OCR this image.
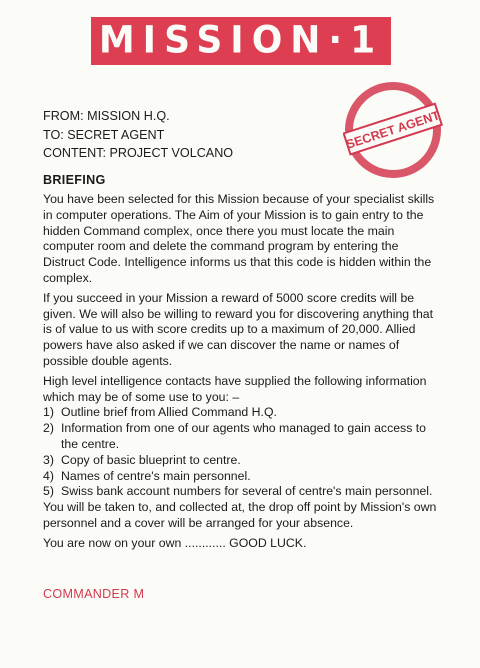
MISSION·1
FROM: MISSION H.Q.
TO: SECRET AGENT
CONTENT: PROJECT VOLCANO
SECRET AGENT
BRIEFING

You have been selected for this Mission because of your specialist skills in computer operations. The Aim of your Mission is to gain entry to the hidden Command complex, once there you must locate the main computer room and delete the command program by entering the Distruct Code. Intelligence informs us that this code is hidden within the complex.

If you succeed in your Mission a reward of 5000 score credits will be given. We will also be willing to reward you for discovering anything that is of value to us with score credits up to a maximum of 20,000. Allied powers have also asked if we can discover the name or names of possible double agents.

High level intelligence contacts have supplied the following information which may be of some use to you: –

1) Outline brief from Allied Command H.Q.
2) Information from one of our agents who managed to gain access to the centre.
3) Copy of basic blueprint to centre.
4) Names of centre's main personnel.
5) Swiss bank account numbers for several of centre's main personnel.

You will be taken to, and collected at, the drop off point by Mission's own personnel and a cover will be arranged for your absence.

You are now on your own ............ GOOD LUCK.

COMMANDER M
